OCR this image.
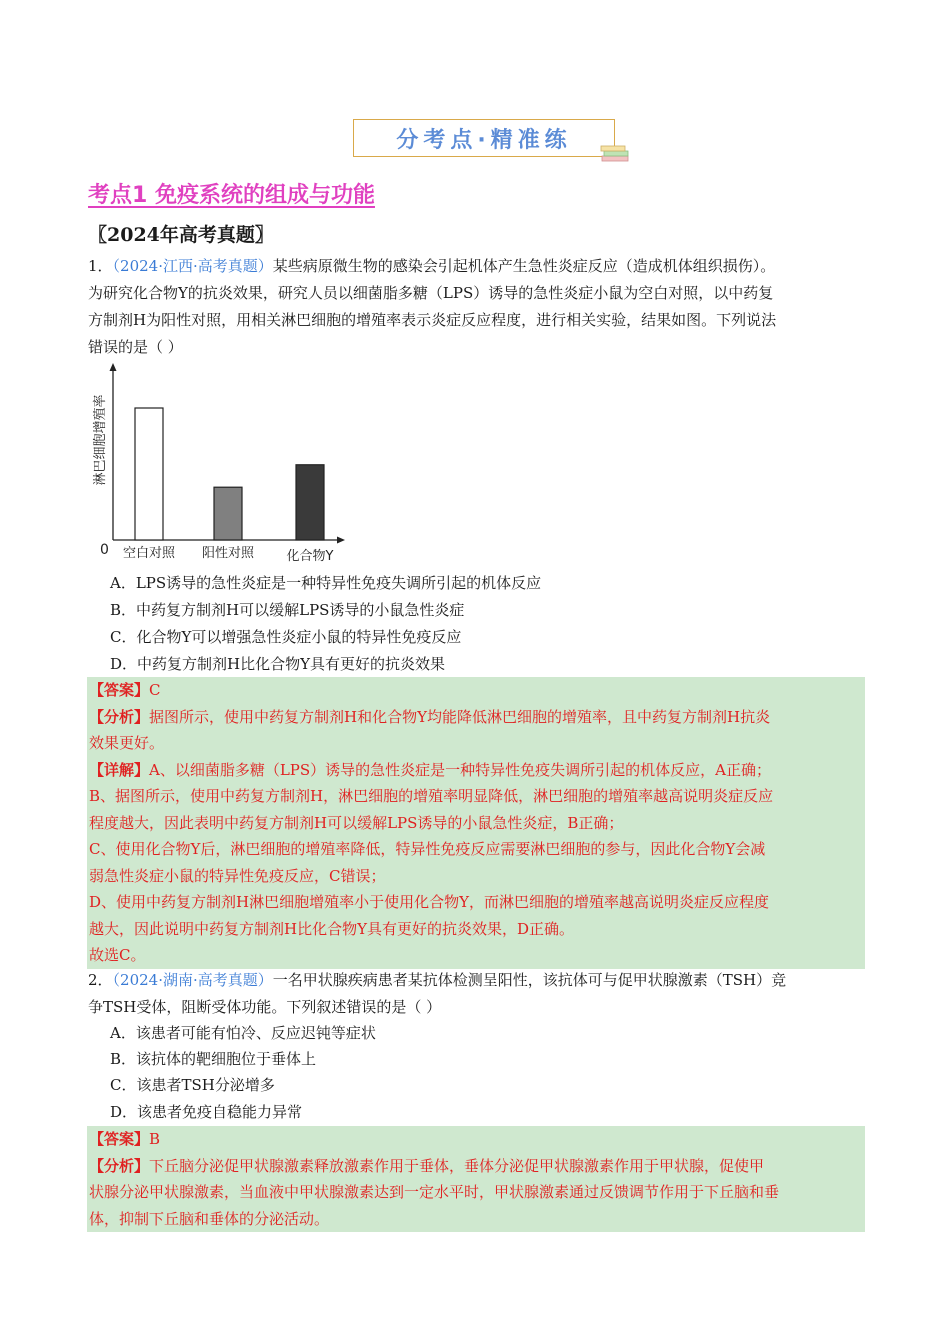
分考点·精准练
考点1 免疫系统的组成与功能
〖2024年高考真题〗
1．（2024·江西·高考真题）某些病原微生物的感染会引起机体产生急性炎症反应（造成机体组织损伤）。
为研究化合物Y的抗炎效果，研究人员以细菌脂多糖（LPS）诱导的急性炎症小鼠为空白对照，以中药复
方制剂H为阳性对照，用相关淋巴细胞的增殖率表示炎症反应程度，进行相关实验，结果如图。下列说法
错误的是（ ）
淋巴细胞增殖率
0 空白对照 阳性对照	化合物Y
A．LPS诱导的急性炎症是一种特异性免疫失调所引起的机体反应
B．中药复方制剂H可以缓解LPS诱导的小鼠急性炎症
C．化合物Y可以增强急性炎症小鼠的特异性免疫反应
D．中药复方制剂H比化合物Y具有更好的抗炎效果
【答案】C
【分析】据图所示，使用中药复方制剂H和化合物Y均能降低淋巴细胞的增殖率，且中药复方制剂H抗炎
效果更好。
【详解】A、以细菌脂多糖（LPS）诱导的急性炎症是一种特异性免疫失调所引起的机体反应，A正确；
B、据图所示，使用中药复方制剂H，淋巴细胞的增殖率明显降低，淋巴细胞的增殖率越高说明炎症反应
程度越大，因此表明中药复方制剂H可以缓解LPS诱导的小鼠急性炎症，B正确；
C、使用化合物Y后，淋巴细胞的增殖率降低，特异性免疫反应需要淋巴细胞的参与，因此化合物Y会减
弱急性炎症小鼠的特异性免疫反应，C错误；
D、使用中药复方制剂H淋巴细胞增殖率小于使用化合物Y，而淋巴细胞的增殖率越高说明炎症反应程度
越大，因此说明中药复方制剂H比化合物Y具有更好的抗炎效果，D正确。
故选C。
2．（2024·湖南·高考真题）一名甲状腺疾病患者某抗体检测呈阳性，该抗体可与促甲状腺激素（TSH）竞
争TSH受体，阻断受体功能。下列叙述错误的是（ ）
A．该患者可能有怕冷、反应迟钝等症状
B．该抗体的靶细胞位于垂体上
C．该患者TSH分泌增多
D．该患者免疫自稳能力异常
【答案】B
【分析】下丘脑分泌促甲状腺激素释放激素作用于垂体，垂体分泌促甲状腺激素作用于甲状腺，促使甲
状腺分泌甲状腺激素，当血液中甲状腺激素达到一定水平时，甲状腺激素通过反馈调节作用于下丘脑和垂
体，抑制下丘脑和垂体的分泌活动。
